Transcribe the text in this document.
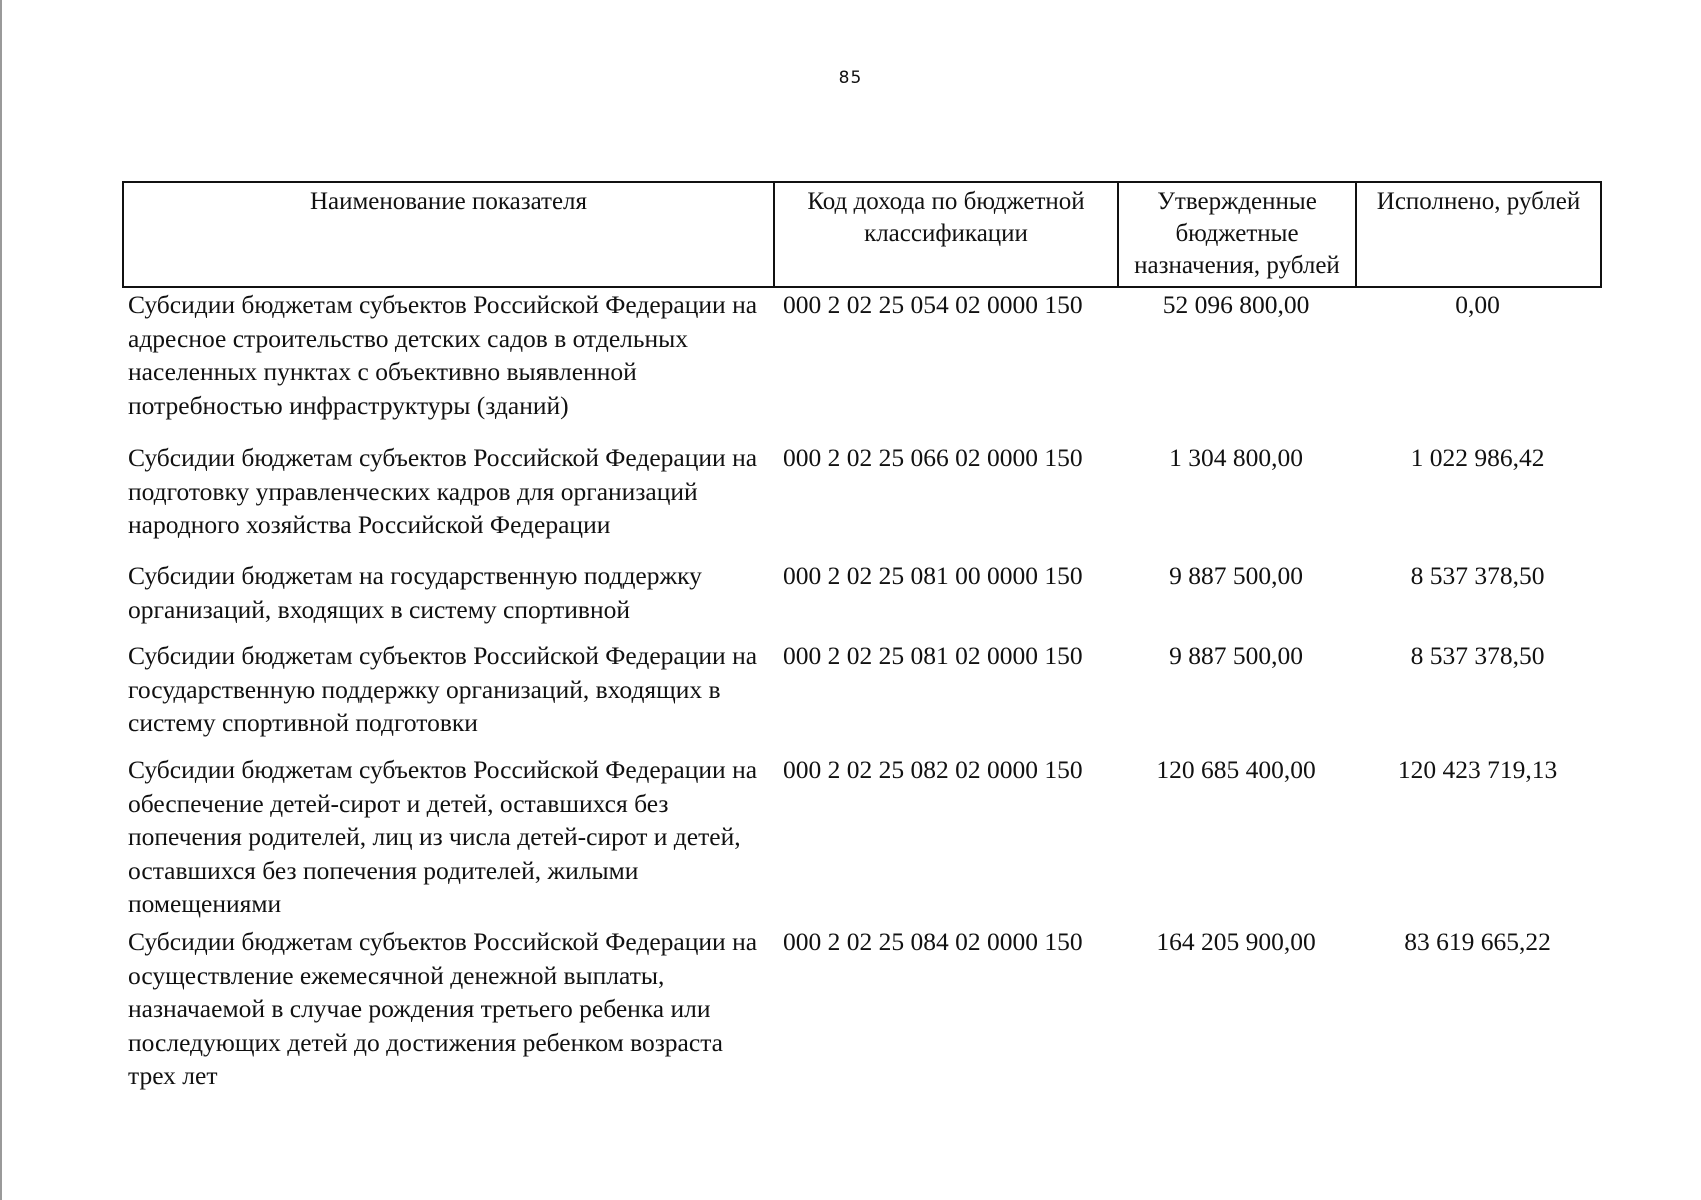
85
Наименование показателя	Код дохода по бюджетной классификации	Утвержденные бюджетные назначения, рублей	Исполнено, рублей
Субсидии бюджетам субъектов Российской Федерации на адресное строительство детских садов в отдельных населенных пунктах с объективно выявленной потребностью инфраструктуры (зданий)	000 2 02 25 054 02 0000 150	52 096 800,00	0,00
Субсидии бюджетам субъектов Российской Федерации на подготовку управленческих кадров для организаций народного хозяйства Российской Федерации	000 2 02 25 066 02 0000 150	1 304 800,00	1 022 986,42
Субсидии бюджетам на государственную поддержку организаций, входящих в систему спортивной	000 2 02 25 081 00 0000 150	9 887 500,00	8 537 378,50
Субсидии бюджетам субъектов Российской Федерации на государственную поддержку организаций, входящих в систему спортивной подготовки	000 2 02 25 081 02 0000 150	9 887 500,00	8 537 378,50
Субсидии бюджетам субъектов Российской Федерации на обеспечение детей-сирот и детей, оставшихся без попечения родителей, лиц из числа детей-сирот и детей, оставшихся без попечения родителей, жилыми помещениями	000 2 02 25 082 02 0000 150	120 685 400,00	120 423 719,13
Субсидии бюджетам субъектов Российской Федерации на осуществление ежемесячной денежной выплаты, назначаемой в случае рождения третьего ребенка или последующих детей до достижения ребенком возраста трех лет	000 2 02 25 084 02 0000 150	164 205 900,00	83 619 665,22
